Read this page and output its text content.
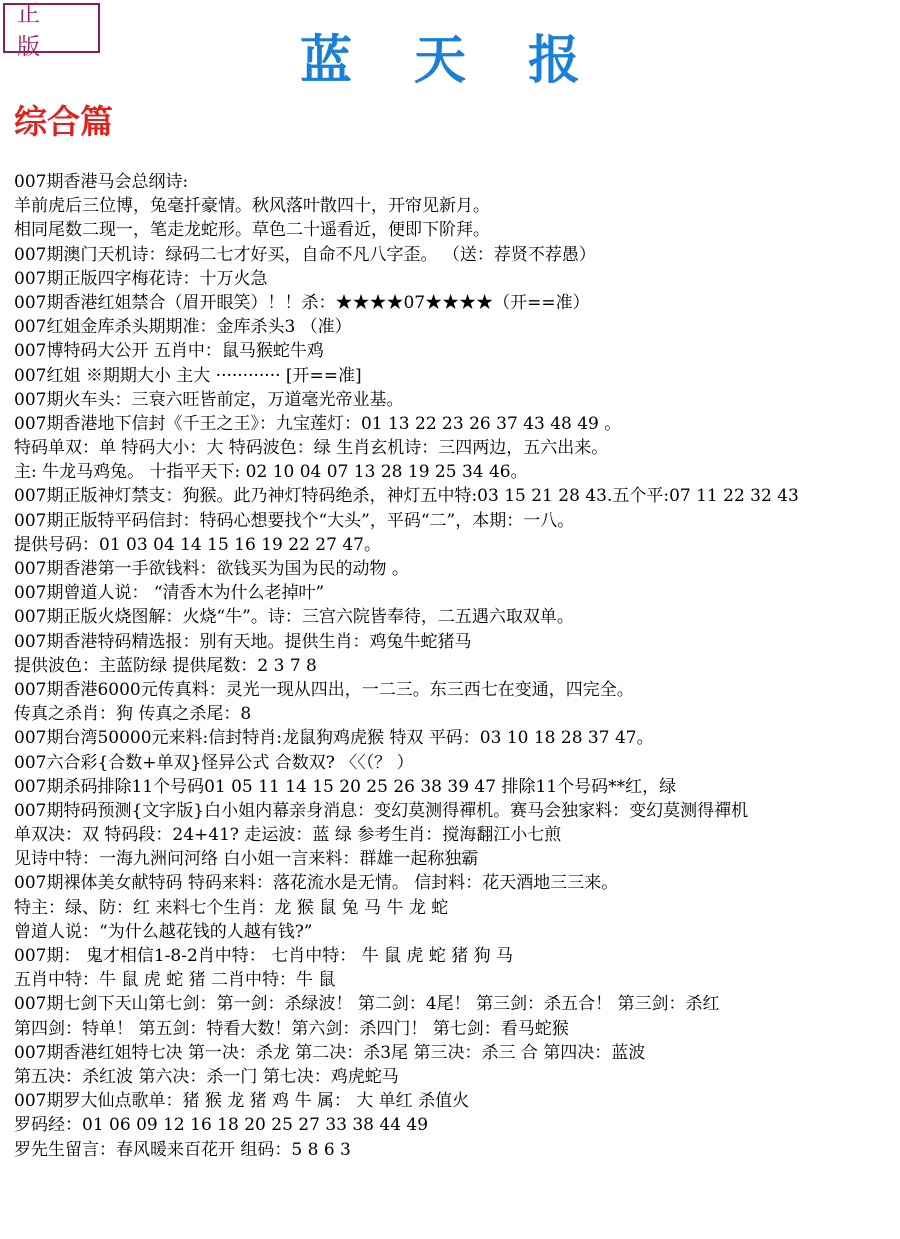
正 版	蓝天报
综合篇
007期香港马会总纲诗:
羊前虎后三位博，兔毫扦豪情。秋风落叶散四十，开帘见新月。
相同尾数二现一，笔走龙蛇形。草色二十遥看近，便即下阶拜。
007期澳门天机诗：绿码二七才好买，自命不凡八字歪。 （送：荐贤不荐愚）
007期正版四字梅花诗：十万火急
007期香港红姐禁合（眉开眼笑）！！杀：★★★★07★★★★（开==准）
007红姐金库杀头期期准：金库杀头3 （准）
007博特码大公开 五肖中：鼠马猴蛇牛鸡
007红姐 ※期期大小 主大 ············ [开==准]
007期火车头：三衰六旺皆前定，万道毫光帝业基。
007期香港地下信封《千王之王》：九宝莲灯：01 13 22 23 26 37 43 48 49 。
特码单双：单 特码大小：大 特码波色：绿 生肖玄机诗：三四两边，五六出来。
主: 牛龙马鸡兔。 十指平天下: 02 10 04 07 13 28 19 25 34 46。
007期正版神灯禁支：狗猴。此乃神灯特码绝杀，神灯五中特:03 15 21 28 43.五个平:07 11 22 32 43
007期正版特平码信封：特码心想要找个“大头”，平码“二”，本期：一八。
提供号码：01 03 04 14 15 16 19 22 27 47。
007期香港第一手欲钱料：欲钱买为国为民的动物 。
007期曾道人说： “清香木为什么老掉叶”
007期正版火烧图解：火烧“牛”。诗：三宫六院皆奉待，二五遇六取双单。
007期香港特码精选报：别有天地。提供生肖：鸡兔牛蛇猪马
提供波色：主蓝防绿 提供尾数：2 3 7 8
007期香港6000元传真料：灵光一现从四出，一二三。东三西七在变通，四完全。
传真之杀肖：狗 传真之杀尾：8
007期台湾50000元来料:信封特肖:龙鼠狗鸡虎猴 特双 平码：03 10 18 28 37 47。
007六合彩{合数+单双}怪异公式 合数双? 〈〈（？ ）
007期杀码排除11个号码01 05 11 14 15 20 25 26 38 39 47 排除11个号码**红，绿
007期特码预测{文字版}白小姐内幕亲身消息：变幻莫测得禪机。赛马会独家料：变幻莫测得禪机
单双决：双 特码段：24+41? 走运波：蓝 绿 参考生肖：搅海翻江小七煎
见诗中特：一海九洲问河络 白小姐一言来料：群雄一起称独霸
007期裸体美女献特码 特码来料：落花流水是无情。 信封料：花天酒地三三来。
特主：绿、防：红 来料七个生肖：龙 猴 鼠 兔 马 牛 龙 蛇
曾道人说：“为什么越花钱的人越有钱?”
007期： 鬼才相信1-8-2肖中特： 七肖中特： 牛 鼠 虎 蛇 猪 狗 马
五肖中特：牛 鼠 虎 蛇 猪 二肖中特：牛 鼠
007期七剑下天山第七剑：第一剑：杀绿波！ 第二剑：4尾！ 第三剑：杀五合！ 第三剑：杀红
第四剑：特单！ 第五剑：特看大数！第六剑：杀四门！ 第七剑：看马蛇猴
007期香港红姐特七决 第一决：杀龙 第二决：杀3尾 第三决：杀三 合 第四决：蓝波
第五决：杀红波 第六决：杀一门 第七决：鸡虎蛇马
007期罗大仙点歌单：猪 猴 龙 猪 鸡 牛 属： 大 单红 杀值火
罗码经：01 06 09 12 16 18 20 25 27 33 38 44 49
罗先生留言：春风暖来百花开 组码：5 8 6 3
